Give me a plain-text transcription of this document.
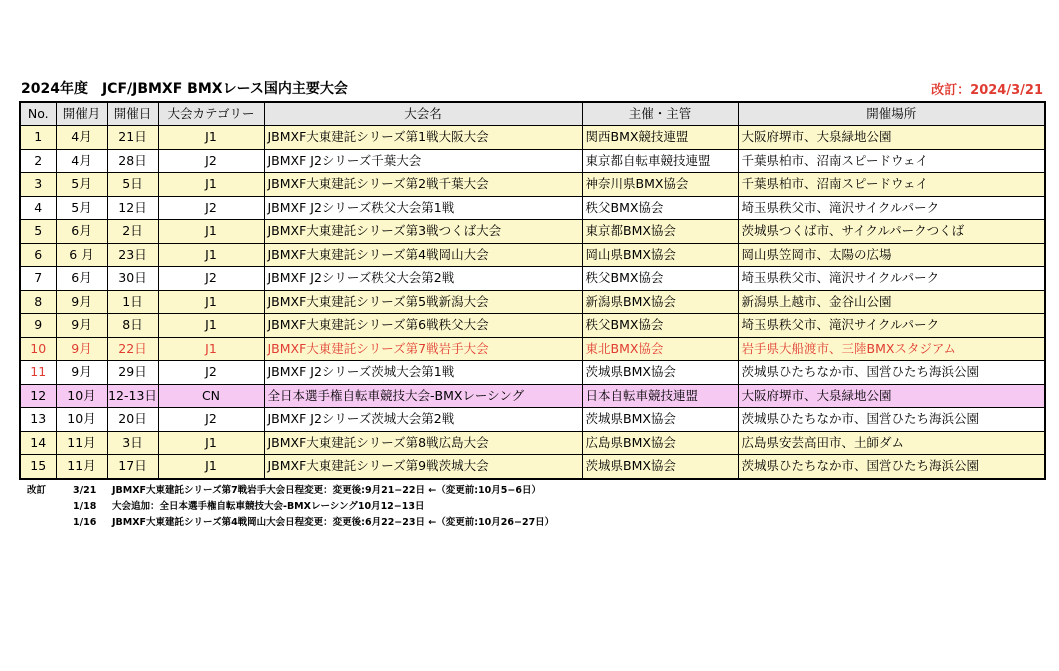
2024年度　JCF/JBMXF BMXレース国内主要大会	改訂：2024/3/21
No.	開催月	開催日	大会カテゴリー	大会名	主催・主管	開催場所
1	4月	21日	J1	JBMXF大東建託シリーズ第1戦大阪大会	関西BMX競技連盟	大阪府堺市、大泉緑地公園
2	4月	28日	J2	JBMXF J2シリーズ千葉大会	東京都自転車競技連盟	千葉県柏市、沼南スピードウェイ
3	5月	5日	J1	JBMXF大東建託シリーズ第2戦千葉大会	神奈川県BMX協会	千葉県柏市、沼南スピードウェイ
4	5月	12日	J2	JBMXF J2シリーズ秩父大会第1戦	秩父BMX協会	埼玉県秩父市、滝沢サイクルパーク
5	6月	2日	J1	JBMXF大東建託シリーズ第3戦つくば大会	東京都BMX協会	茨城県つくば市、サイクルパークつくば
6	6 月	23日	J1	JBMXF大東建託シリーズ第4戦岡山大会	岡山県BMX協会	岡山県笠岡市、太陽の広場
7	6月	30日	J2	JBMXF J2シリーズ秩父大会第2戦	秩父BMX協会	埼玉県秩父市、滝沢サイクルパーク
8	9月	1日	J1	JBMXF大東建託シリーズ第5戦新潟大会	新潟県BMX協会	新潟県上越市、金谷山公園
9	9月	8日	J1	JBMXF大東建託シリーズ第6戦秩父大会	秩父BMX協会	埼玉県秩父市、滝沢サイクルパーク
10	9月	22日	J1	JBMXF大東建託シリーズ第7戦岩手大会	東北BMX協会	岩手県大船渡市、三陸BMXスタジアム
11	9月	29日	J2	JBMXF J2シリーズ茨城大会第1戦	茨城県BMX協会	茨城県ひたちなか市、国営ひたち海浜公園
12	10月	12-13日	CN	全日本選手権自転車競技大会-BMXレーシング	日本自転車競技連盟	大阪府堺市、大泉緑地公園
13	10月	20日	J2	JBMXF J2シリーズ茨城大会第2戦	茨城県BMX協会	茨城県ひたちなか市、国営ひたち海浜公園
14	11月	3日	J1	JBMXF大東建託シリーズ第8戦広島大会	広島県BMX協会	広島県安芸高田市、土師ダム
15	11月	17日	J1	JBMXF大東建託シリーズ第9戦茨城大会	茨城県BMX協会	茨城県ひたちなか市、国営ひたち海浜公園
改訂	3/21 JBMXF大東建託シリーズ第7戦岩手大会日程変更：変更後:9月21−22日 ←（変更前:10月5−6日）
1/18 大会追加：全日本選手権自転車競技大会-BMXレーシング10月12−13日
1/16 JBMXF大東建託シリーズ第4戦岡山大会日程変更：変更後:6月22−23日 ←（変更前:10月26−27日）
